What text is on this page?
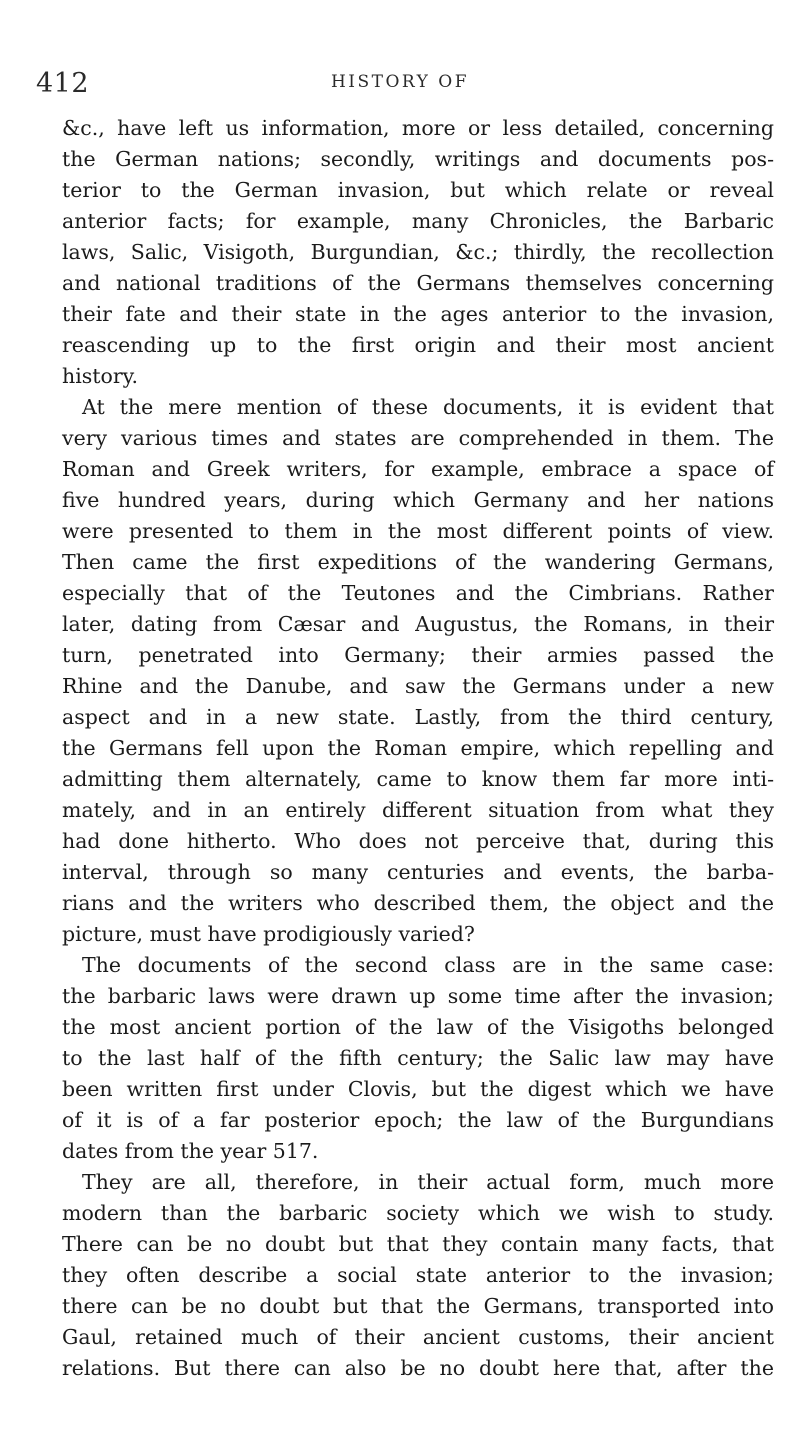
412	HISTORY OF
&c., have left us information, more or less detailed, concerning
the German nations; secondly, writings and documents pos-
terior to the German invasion, but which relate or reveal
anterior facts; for example, many Chronicles, the Barbaric
laws, Salic, Visigoth, Burgundian, &c.; thirdly, the recollection
and national traditions of the Germans themselves concerning
their fate and their state in the ages anterior to the invasion,
reascending up to the first origin and their most ancient
history.
At the mere mention of these documents, it is evident that
very various times and states are comprehended in them. The
Roman and Greek writers, for example, embrace a space of
five hundred years, during which Germany and her nations
were presented to them in the most different points of view.
Then came the first expeditions of the wandering Germans,
especially that of the Teutones and the Cimbrians. Rather
later, dating from Cæsar and Augustus, the Romans, in their
turn, penetrated into Germany; their armies passed the
Rhine and the Danube, and saw the Germans under a new
aspect and in a new state. Lastly, from the third century,
the Germans fell upon the Roman empire, which repelling and
admitting them alternately, came to know them far more inti-
mately, and in an entirely different situation from what they
had done hitherto. Who does not perceive that, during this
interval, through so many centuries and events, the barba-
rians and the writers who described them, the object and the
picture, must have prodigiously varied?
The documents of the second class are in the same case:
the barbaric laws were drawn up some time after the invasion;
the most ancient portion of the law of the Visigoths belonged
to the last half of the fifth century; the Salic law may have
been written first under Clovis, but the digest which we have
of it is of a far posterior epoch; the law of the Burgundians
dates from the year 517.
They are all, therefore, in their actual form, much more
modern than the barbaric society which we wish to study.
There can be no doubt but that they contain many facts, that
they often describe a social state anterior to the invasion;
there can be no doubt but that the Germans, transported into
Gaul, retained much of their ancient customs, their ancient
relations. But there can also be no doubt here that, after the
